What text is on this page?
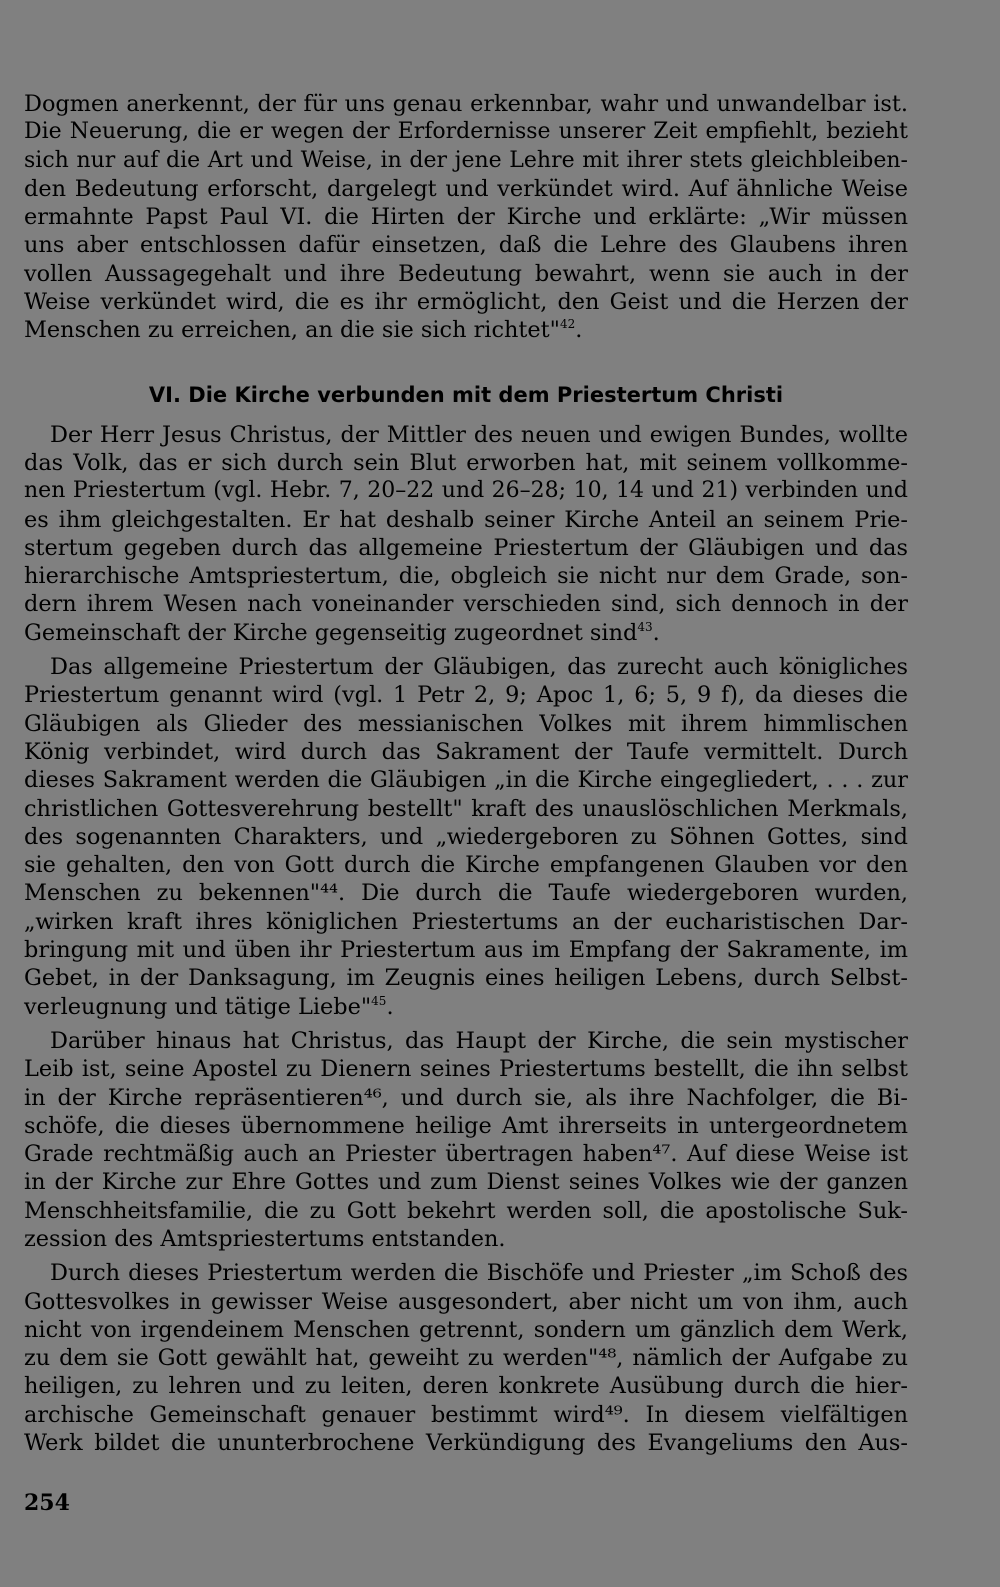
Dogmen anerkennt, der für uns genau erkennbar, wahr und unwandelbar ist.
Die Neuerung, die er wegen der Erfordernisse unserer Zeit empfiehlt, bezieht
sich nur auf die Art und Weise, in der jene Lehre mit ihrer stets gleichbleiben-
den Bedeutung erforscht, dargelegt und verkündet wird. Auf ähnliche Weise
ermahnte Papst Paul VI. die Hirten der Kirche und erklärte: „Wir müssen
uns aber entschlossen dafür einsetzen, daß die Lehre des Glaubens ihren
vollen Aussagegehalt und ihre Bedeutung bewahrt, wenn sie auch in der
Weise verkündet wird, die es ihr ermöglicht, den Geist und die Herzen der
Menschen zu erreichen, an die sie sich richtet"$^{42}$.
VI. Die Kirche verbunden mit dem Priestertum Christi
Der Herr Jesus Christus, der Mittler des neuen und ewigen Bundes, wollte
das Volk, das er sich durch sein Blut erworben hat, mit seinem vollkomme-
nen Priestertum (vgl. Hebr. 7, 20–22 und 26–28; 10, 14 und 21) verbinden und
es ihm gleichgestalten. Er hat deshalb seiner Kirche Anteil an seinem Prie-
stertum gegeben durch das allgemeine Priestertum der Gläubigen und das
hierarchische Amtspriestertum, die, obgleich sie nicht nur dem Grade, son-
dern ihrem Wesen nach voneinander verschieden sind, sich dennoch in der
Gemeinschaft der Kirche gegenseitig zugeordnet sind$^{43}$.
Das allgemeine Priestertum der Gläubigen, das zurecht auch königliches
Priestertum genannt wird (vgl. 1 Petr 2, 9; Apoc 1, 6; 5, 9 f), da dieses die
Gläubigen als Glieder des messianischen Volkes mit ihrem himmlischen
König verbindet, wird durch das Sakrament der Taufe vermittelt. Durch
dieses Sakrament werden die Gläubigen „in die Kirche eingegliedert, . . . zur
christlichen Gottesverehrung bestellt" kraft des unauslöschlichen Merkmals,
des sogenannten Charakters, und „wiedergeboren zu Söhnen Gottes, sind
sie gehalten, den von Gott durch die Kirche empfangenen Glauben vor den
Menschen zu bekennen"⁴⁴. Die durch die Taufe wiedergeboren wurden,
„wirken kraft ihres königlichen Priestertums an der eucharistischen Dar-
bringung mit und üben ihr Priestertum aus im Empfang der Sakramente, im
Gebet, in der Danksagung, im Zeugnis eines heiligen Lebens, durch Selbst-
verleugnung und tätige Liebe"$^{45}$.
Darüber hinaus hat Christus, das Haupt der Kirche, die sein mystischer
Leib ist, seine Apostel zu Dienern seines Priestertums bestellt, die ihn selbst
in der Kirche repräsentieren⁴⁶, und durch sie, als ihre Nachfolger, die Bi-
schöfe, die dieses übernommene heilige Amt ihrerseits in untergeordnetem
Grade rechtmäßig auch an Priester übertragen haben⁴⁷. Auf diese Weise ist
in der Kirche zur Ehre Gottes und zum Dienst seines Volkes wie der ganzen
Menschheitsfamilie, die zu Gott bekehrt werden soll, die apostolische Suk-
zession des Amtspriestertums entstanden.
Durch dieses Priestertum werden die Bischöfe und Priester „im Schoß des
Gottesvolkes in gewisser Weise ausgesondert, aber nicht um von ihm, auch
nicht von irgendeinem Menschen getrennt, sondern um gänzlich dem Werk,
zu dem sie Gott gewählt hat, geweiht zu werden"⁴⁸, nämlich der Aufgabe zu
heiligen, zu lehren und zu leiten, deren konkrete Ausübung durch die hier-
archische Gemeinschaft genauer bestimmt wird⁴⁹. In diesem vielfältigen
Werk bildet die ununterbrochene Verkündigung des Evangeliums den Aus-
254
